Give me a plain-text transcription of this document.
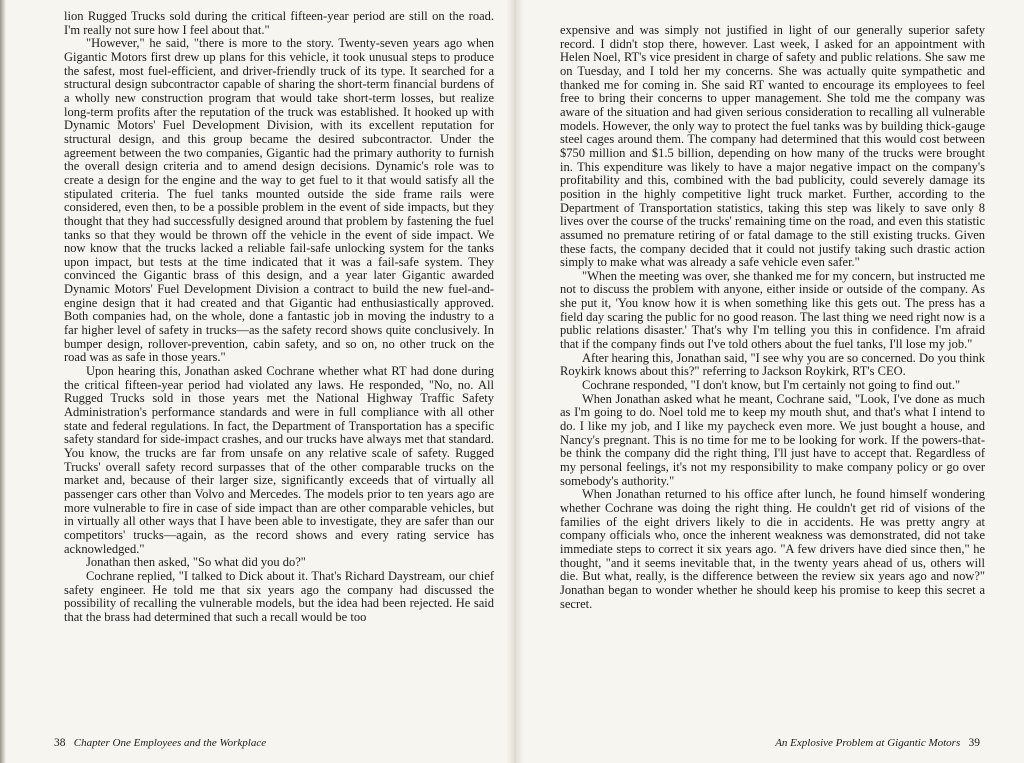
lion Rugged Trucks sold during the critical fifteen-year period are still on the road. I'm really not sure how I feel about that."

"However," he said, "there is more to the story. Twenty-seven years ago when Gigantic Motors first drew up plans for this vehicle, it took unusual steps to produce the safest, most fuel-efficient, and driver-friendly truck of its type. It searched for a structural design subcontractor capable of sharing the short-term financial burdens of a wholly new construction program that would take short-term losses, but realize long-term profits after the reputation of the truck was established. It hooked up with Dynamic Motors' Fuel Development Division, with its excellent reputation for structural design, and this group became the desired subcontractor. Under the agreement between the two companies, Gigantic had the primary authority to furnish the overall design criteria and to amend design decisions. Dynamic's role was to create a design for the engine and the way to get fuel to it that would satisfy all the stipulated criteria. The fuel tanks mounted outside the side frame rails were considered, even then, to be a possible problem in the event of side impacts, but they thought that they had successfully designed around that problem by fastening the fuel tanks so that they would be thrown off the vehicle in the event of side impact. We now know that the trucks lacked a reliable fail-safe unlocking system for the tanks upon impact, but tests at the time indicated that it was a fail-safe system. They convinced the Gigantic brass of this design, and a year later Gigantic awarded Dynamic Motors' Fuel Development Division a contract to build the new fuel-and-engine design that it had created and that Gigantic had enthusiastically approved. Both companies had, on the whole, done a fantastic job in moving the industry to a far higher level of safety in trucks—as the safety record shows quite conclusively. In bumper design, rollover-prevention, cabin safety, and so on, no other truck on the road was as safe in those years."

Upon hearing this, Jonathan asked Cochrane whether what RT had done during the critical fifteen-year period had violated any laws. He responded, "No, no. All Rugged Trucks sold in those years met the National Highway Traffic Safety Administration's performance standards and were in full compliance with all other state and federal regulations. In fact, the Department of Transportation has a specific safety standard for side-impact crashes, and our trucks have always met that standard. You know, the trucks are far from unsafe on any relative scale of safety. Rugged Trucks' overall safety record surpasses that of the other comparable trucks on the market and, because of their larger size, significantly exceeds that of virtually all passenger cars other than Volvo and Mercedes. The models prior to ten years ago are more vulnerable to fire in case of side impact than are other comparable vehicles, but in virtually all other ways that I have been able to investigate, they are safer than our competitors' trucks—again, as the record shows and every rating service has acknowledged."

Jonathan then asked, "So what did you do?"

Cochrane replied, "I talked to Dick about it. That's Richard Daystream, our chief safety engineer. He told me that six years ago the company had discussed the possibility of recalling the vulnerable models, but the idea had been rejected. He said that the brass had determined that such a recall would be too

expensive and was simply not justified in light of our generally superior safety record. I didn't stop there, however. Last week, I asked for an appointment with Helen Noel, RT's vice president in charge of safety and public relations. She saw me on Tuesday, and I told her my concerns. She was actually quite sympathetic and thanked me for coming in. She said RT wanted to encourage its employees to feel free to bring their concerns to upper management. She told me the company was aware of the situation and had given serious consideration to recalling all vulnerable models. However, the only way to protect the fuel tanks was by building thick-gauge steel cages around them. The company had determined that this would cost between $750 million and $1.5 billion, depending on how many of the trucks were brought in. This expenditure was likely to have a major negative impact on the company's profitability and this, combined with the bad publicity, could severely damage its position in the highly competitive light truck market. Further, according to the Department of Transportation statistics, taking this step was likely to save only 8 lives over the course of the trucks' remaining time on the road, and even this statistic assumed no premature retiring of or fatal damage to the still existing trucks. Given these facts, the company decided that it could not justify taking such drastic action simply to make what was already a safe vehicle even safer."

"When the meeting was over, she thanked me for my concern, but instructed me not to discuss the problem with anyone, either inside or outside of the company. As she put it, 'You know how it is when something like this gets out. The press has a field day scaring the public for no good reason. The last thing we need right now is a public relations disaster.' That's why I'm telling you this in confidence. I'm afraid that if the company finds out I've told others about the fuel tanks, I'll lose my job."

After hearing this, Jonathan said, "I see why you are so concerned. Do you think Roykirk knows about this?" referring to Jackson Roykirk, RT's CEO.

Cochrane responded, "I don't know, but I'm certainly not going to find out."

When Jonathan asked what he meant, Cochrane said, "Look, I've done as much as I'm going to do. Noel told me to keep my mouth shut, and that's what I intend to do. I like my job, and I like my paycheck even more. We just bought a house, and Nancy's pregnant. This is no time for me to be looking for work. If the powers-that-be think the company did the right thing, I'll just have to accept that. Regardless of my personal feelings, it's not my responsibility to make company policy or go over somebody's authority."

When Jonathan returned to his office after lunch, he found himself wondering whether Cochrane was doing the right thing. He couldn't get rid of visions of the families of the eight drivers likely to die in accidents. He was pretty angry at company officials who, once the inherent weakness was demonstrated, did not take immediate steps to correct it six years ago. "A few drivers have died since then," he thought, "and it seems inevitable that, in the twenty years ahead of us, others will die. But what, really, is the difference between the review six years ago and now?" Jonathan began to wonder whether he should keep his promise to keep this secret a secret.

38 Chapter One Employees and the Workplace	An Explosive Problem at Gigantic Motors 39
